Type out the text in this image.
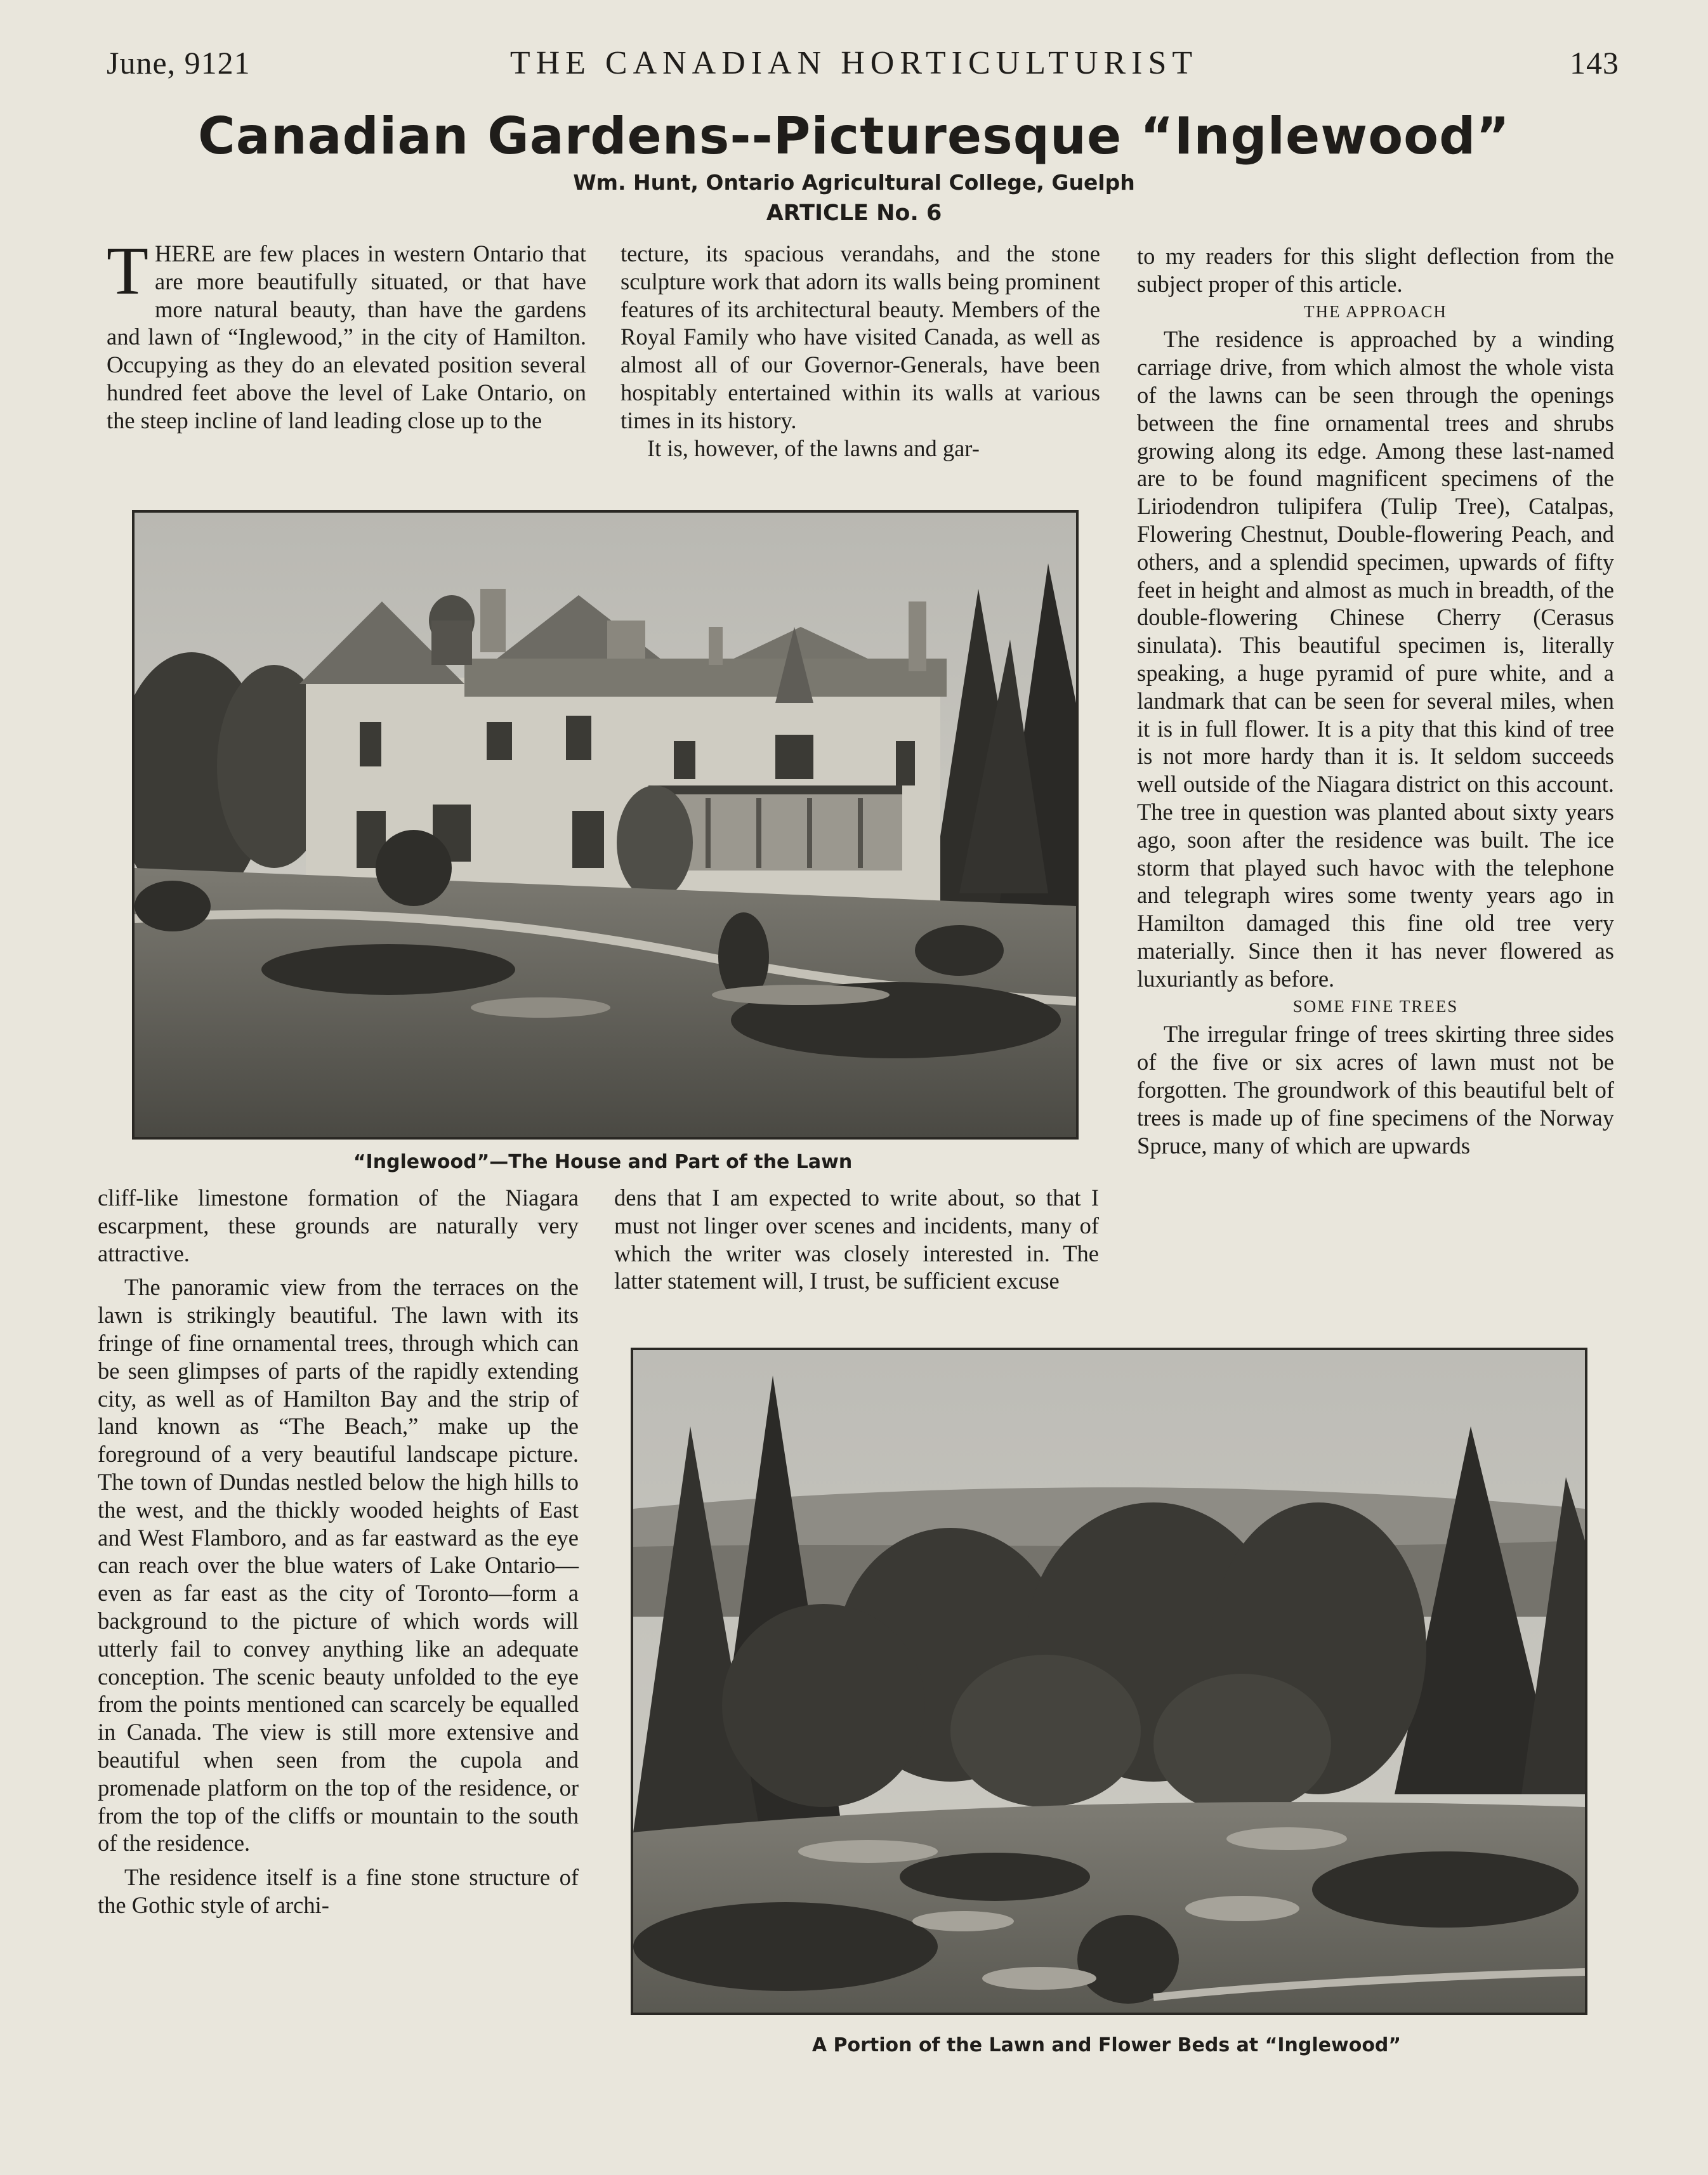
June, 9121	THE CANADIAN HORTICULTURIST	143
Canadian Gardens--Picturesque “Inglewood”
Wm. Hunt, Ontario Agricultural College, Guelph
ARTICLE No. 6
T HERE are few places in western Ontario that are more beautifully situated, or that have more natural beauty, than have the gardens and lawn of “Inglewood,” in the city of Hamilton. Occupying as they do an elevated position several hundred feet above the level of Lake Ontario, on the steep incline of land leading close up to the

tecture, its spacious verandahs, and the stone sculpture work that adorn its walls being prominent features of its architectural beauty. Members of the Royal Family who have visited Canada, as well as almost all of our Governor-Generals, have been hospitably entertained within its walls at various times in its history.

It is, however, of the lawns and gar-

to my readers for this slight deflection from the subject proper of this article.

THE APPROACH

The residence is approached by a winding carriage drive, from which almost the whole vista of the lawns can be seen through the openings between the fine ornamental trees and shrubs growing along its edge. Among these last-named are to be found magnificent specimens of the Liriodendron tulipifera (Tulip Tree), Catalpas, Flowering Chestnut, Double-flowering Peach, and others, and a splendid specimen, upwards of fifty feet in height and almost as much in breadth, of the double-flowering Chinese Cherry (Cerasus sinulata). This beautiful specimen is, literally speaking, a huge pyramid of pure white, and a landmark that can be seen for several miles, when it is in full flower. It is a pity that this kind of tree is not more hardy than it is. It seldom succeeds well outside of the Niagara district on this account. The tree in question was planted about sixty years ago, soon after the residence was built. The ice storm that played such havoc with the telephone and telegraph wires some twenty years ago in Hamilton damaged this fine old tree very materially. Since then it has never flowered as luxuriantly as before.

SOME FINE TREES

The irregular fringe of trees skirting three sides of the five or six acres of lawn must not be forgotten. The groundwork of this beautiful belt of trees is made up of fine specimens of the Norway Spruce, many of which are upwards

“Inglewood”—The House and Part of the Lawn

cliff-like limestone formation of the Niagara escarpment, these grounds are naturally very attractive.

The panoramic view from the terraces on the lawn is strikingly beautiful. The lawn with its fringe of fine ornamental trees, through which can be seen glimpses of parts of the rapidly extending city, as well as of Hamilton Bay and the strip of land known as “The Beach,” make up the foreground of a very beautiful landscape picture. The town of Dundas nestled below the high hills to the west, and the thickly wooded heights of East and West Flamboro, and as far eastward as the eye can reach over the blue waters of Lake Ontario—even as far east as the city of Toronto—form a background to the picture of which words will utterly fail to convey anything like an adequate conception. The scenic beauty unfolded to the eye from the points mentioned can scarcely be equalled in Canada. The view is still more extensive and beautiful when seen from the cupola and promenade platform on the top of the residence, or from the top of the cliffs or mountain to the south of the residence.

The residence itself is a fine stone structure of the Gothic style of archi-

dens that I am expected to write about, so that I must not linger over scenes and incidents, many of which the writer was closely interested in. The latter statement will, I trust, be sufficient excuse

A Portion of the Lawn and Flower Beds at “Inglewood”
